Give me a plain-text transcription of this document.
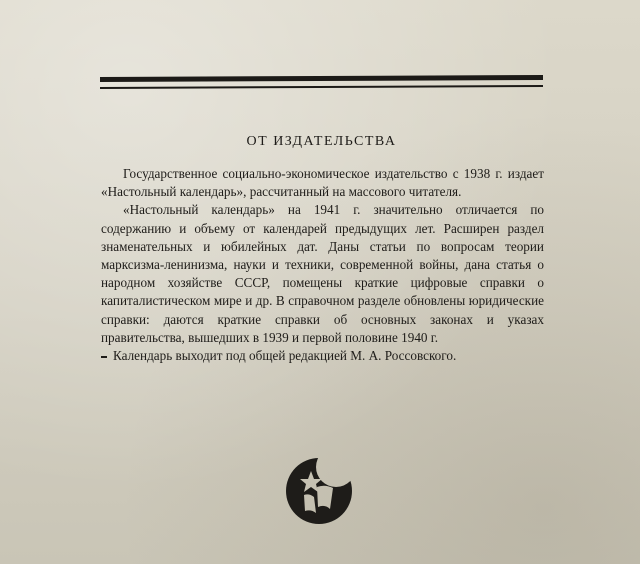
ОТ ИЗДАТЕЛЬСТВА

Государственное социально-экономическое издательство с 1938 г. издает «Настольный календарь», рассчитанный на массового читателя.

«Настольный календарь» на 1941 г. значительно отличается по содержанию и объему от календарей предыдущих лет. Расширен раздел знаменательных и юбилейных дат. Даны статьи по вопросам теории марксизма-ленинизма, науки и техники, современной войны, дана статья о народном хозяйстве СССР, помещены краткие цифровые справки о капиталистическом мире и др. В справочном разделе обновлены юридические справки: даются краткие справки об основных законах и указах правительства, вышедших в 1939 и первой половине 1940 г.

Календарь выходит под общей редакцией М. А. Россовского.
